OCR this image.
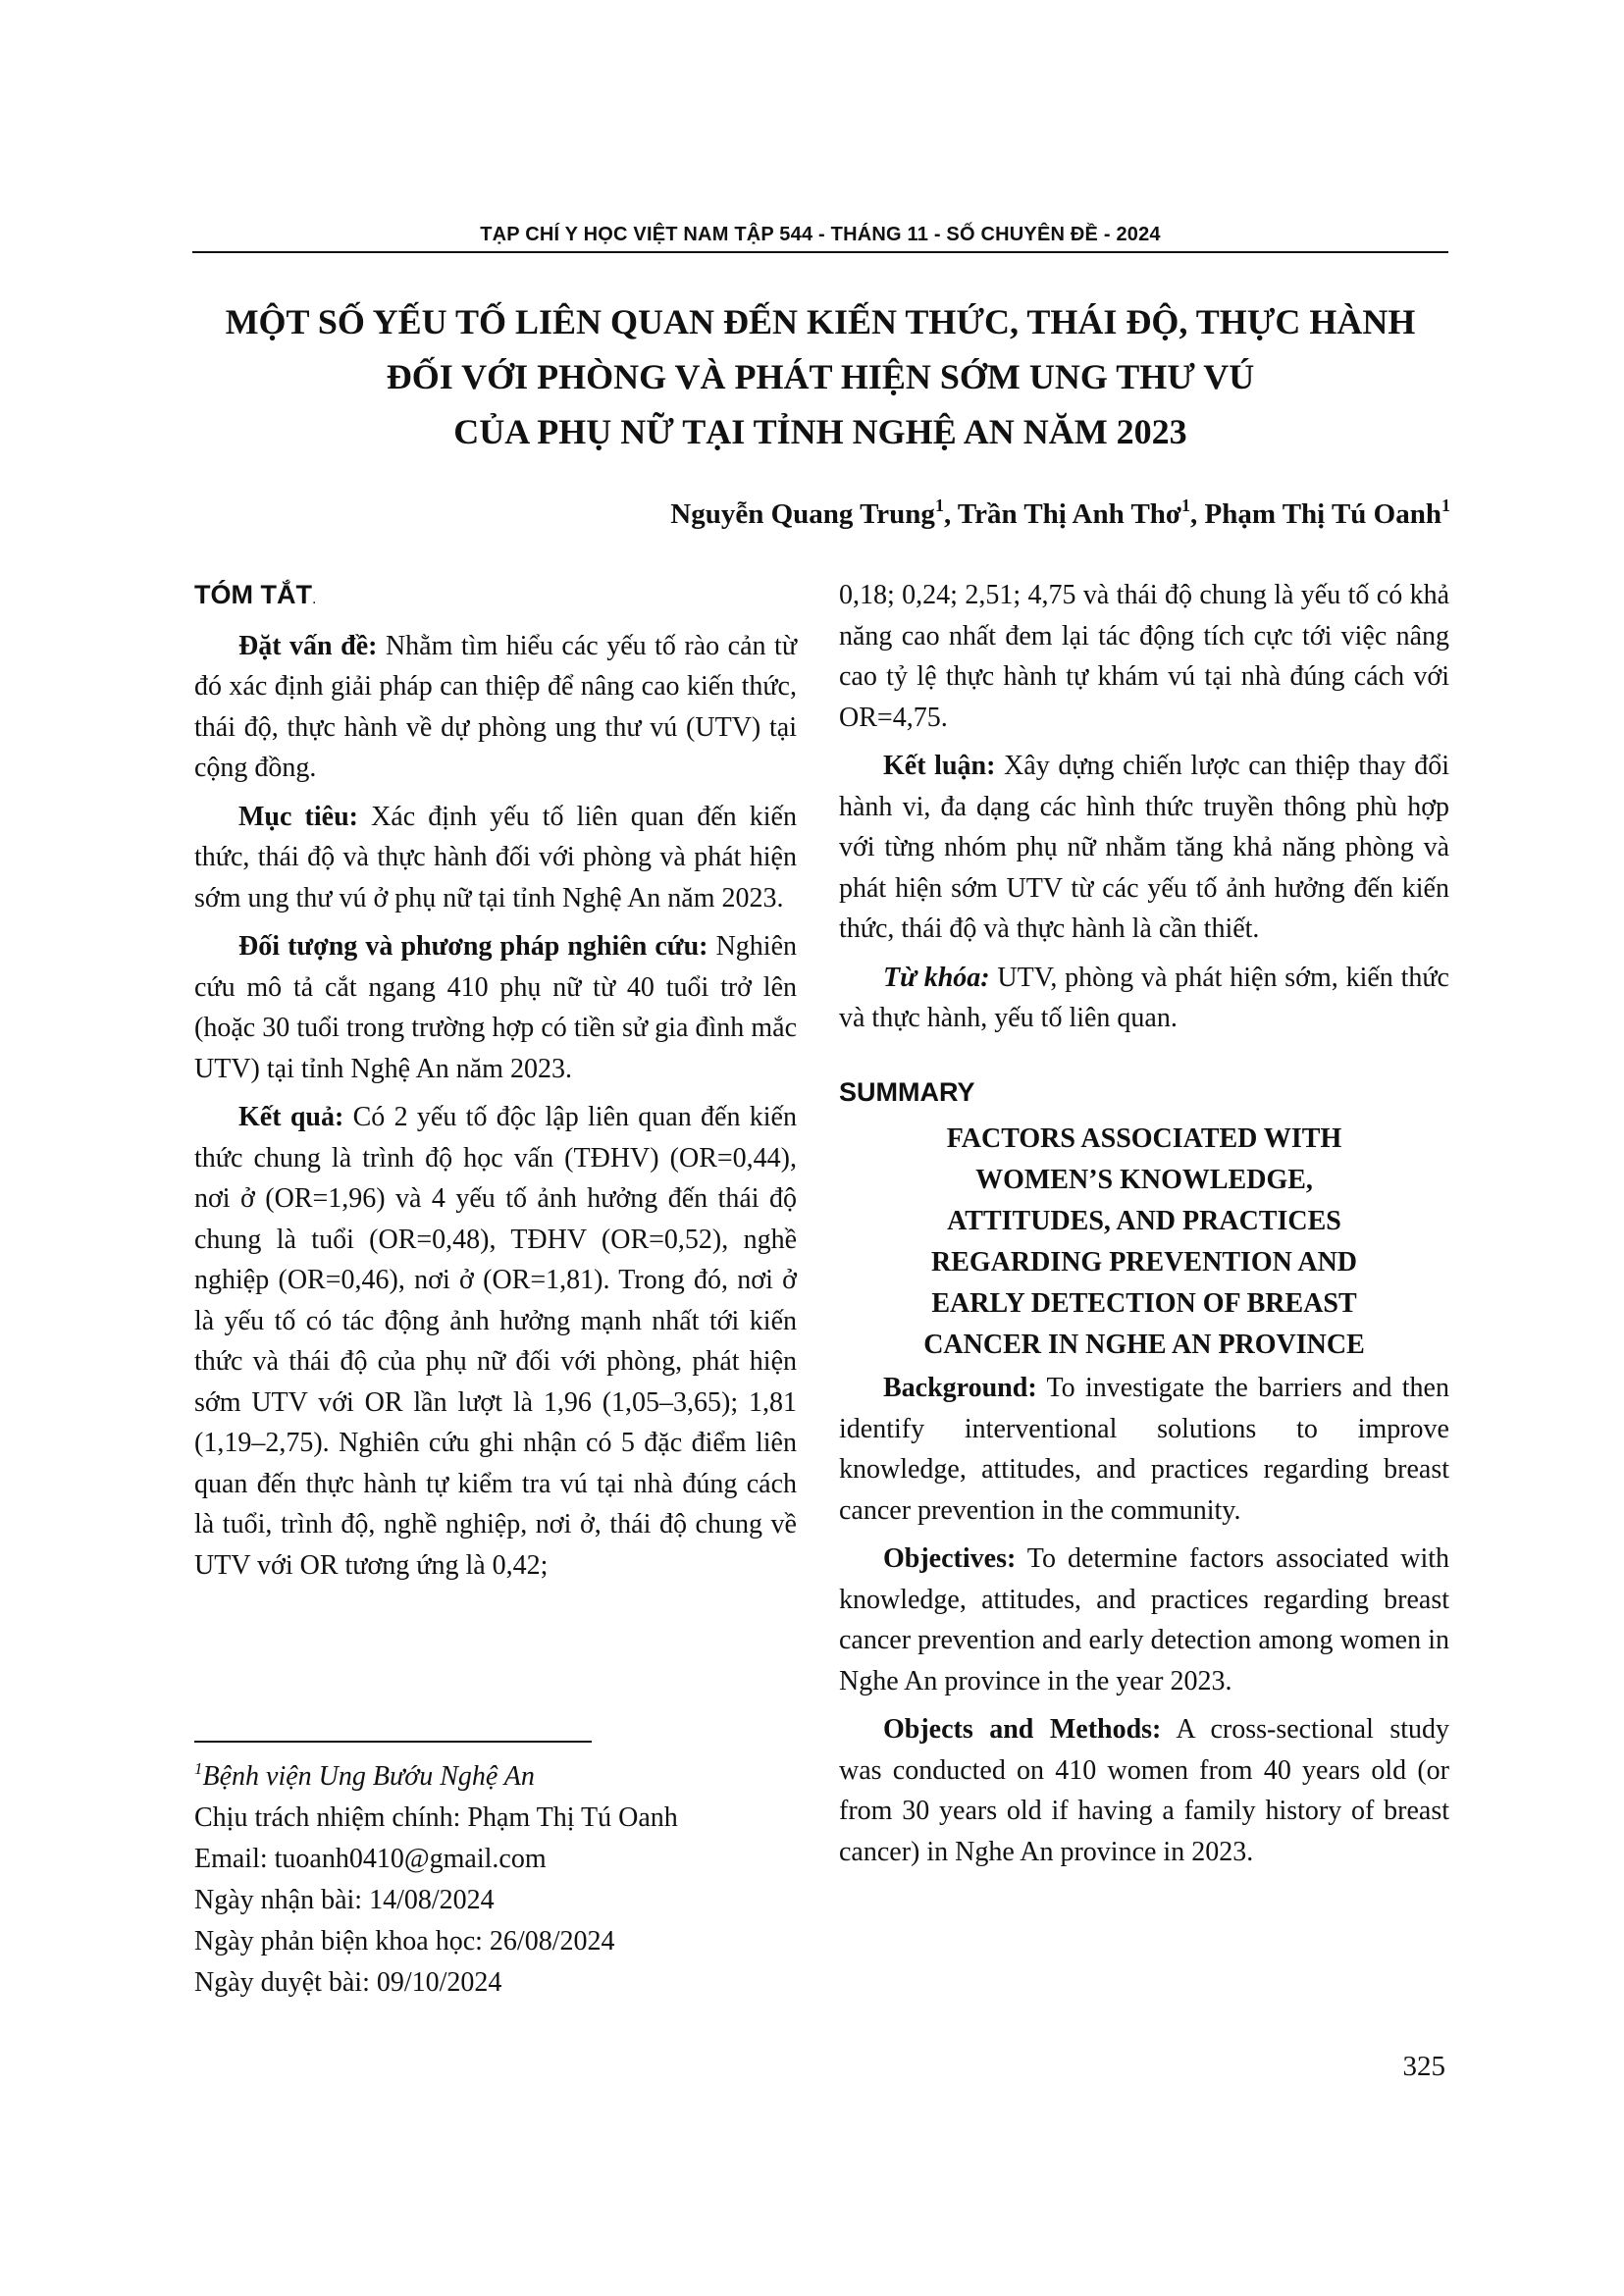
TẠP CHÍ Y HỌC VIỆT NAM TẬP 544 - THÁNG 11 - SỐ CHUYÊN ĐỀ - 2024
MỘT SỐ YẾU TỐ LIÊN QUAN ĐẾN KIẾN THỨC, THÁI ĐỘ, THỰC HÀNH
ĐỐI VỚI PHÒNG VÀ PHÁT HIỆN SỚM UNG THƯ VÚ
CỦA PHỤ NỮ TẠI TỈNH NGHỆ AN NĂM 2023
Nguyễn Quang Trung$^1$, Trần Thị Anh Thơ$^1$, Phạm Thị Tú Oanh$^1$
TÓM TẮT.

Đặt vấn đề: Nhằm tìm hiểu các yếu tố rào cản từ đó xác định giải pháp can thiệp để nâng cao kiến thức, thái độ, thực hành về dự phòng ung thư vú (UTV) tại cộng đồng.

Mục tiêu: Xác định yếu tố liên quan đến kiến thức, thái độ và thực hành đối với phòng và phát hiện sớm ung thư vú ở phụ nữ tại tỉnh Nghệ An năm 2023.

Đối tượng và phương pháp nghiên cứu: Nghiên cứu mô tả cắt ngang 410 phụ nữ từ 40 tuổi trở lên (hoặc 30 tuổi trong trường hợp có tiền sử gia đình mắc UTV) tại tỉnh Nghệ An năm 2023.

Kết quả: Có 2 yếu tố độc lập liên quan đến kiến thức chung là trình độ học vấn (TĐHV) (OR=0,44), nơi ở (OR=1,96) và 4 yếu tố ảnh hưởng đến thái độ chung là tuổi (OR=0,48), TĐHV (OR=0,52), nghề nghiệp (OR=0,46), nơi ở (OR=1,81). Trong đó, nơi ở là yếu tố có tác động ảnh hưởng mạnh nhất tới kiến thức và thái độ của phụ nữ đối với phòng, phát hiện sớm UTV với OR lần lượt là 1,96 (1,05–3,65); 1,81 (1,19–2,75). Nghiên cứu ghi nhận có 5 đặc điểm liên quan đến thực hành tự kiểm tra vú tại nhà đúng cách là tuổi, trình độ, nghề nghiệp, nơi ở, thái độ chung về UTV với OR tương ứng là 0,42;

0,18; 0,24; 2,51; 4,75 và thái độ chung là yếu tố có khả năng cao nhất đem lại tác động tích cực tới việc nâng cao tỷ lệ thực hành tự khám vú tại nhà đúng cách với OR=4,75.

Kết luận: Xây dựng chiến lược can thiệp thay đổi hành vi, đa dạng các hình thức truyền thông phù hợp với từng nhóm phụ nữ nhằm tăng khả năng phòng và phát hiện sớm UTV từ các yếu tố ảnh hưởng đến kiến thức, thái độ và thực hành là cần thiết.

Từ khóa: UTV, phòng và phát hiện sớm, kiến thức và thực hành, yếu tố liên quan.

SUMMARY
FACTORS ASSOCIATED WITH
WOMEN’S KNOWLEDGE,
ATTITUDES, AND PRACTICES
REGARDING PREVENTION AND
EARLY DETECTION OF BREAST
CANCER IN NGHE AN PROVINCE

Background: To investigate the barriers and then identify interventional solutions to improve knowledge, attitudes, and practices regarding breast cancer prevention in the community.

Objectives: To determine factors associated with knowledge, attitudes, and practices regarding breast cancer prevention and early detection among women in Nghe An province in the year 2023.

Objects and Methods: A cross-sectional study was conducted on 410 women from 40 years old (or from 30 years old if having a family history of breast cancer) in Nghe An province in 2023.

$^1$Bệnh viện Ung Bướu Nghệ An
Chịu trách nhiệm chính: Phạm Thị Tú Oanh
Email: tuoanh0410@gmail.com
Ngày nhận bài: 14/08/2024
Ngày phản biện khoa học: 26/08/2024
Ngày duyệt bài: 09/10/2024
325
